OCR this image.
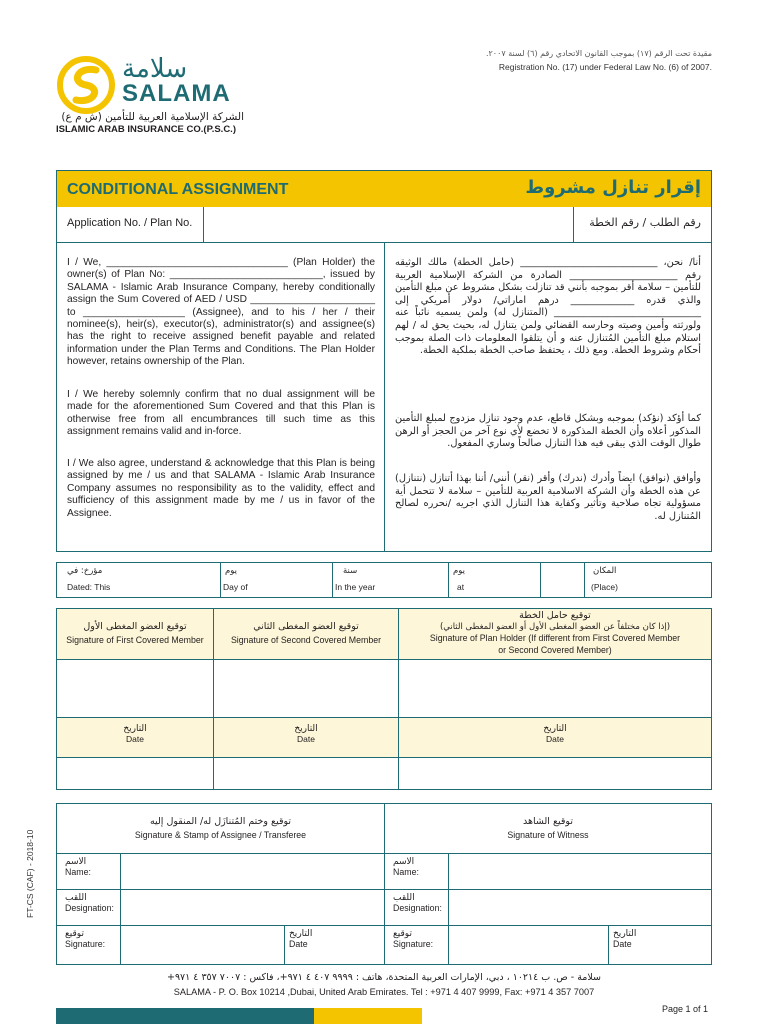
سلامة
SALAMA
الشركة الإسلامية العربية للتأمين (ش م ع)
ISLAMIC ARAB INSURANCE CO.(P.S.C.)
مقيدة تحت الرقم (١٧) بموجب القانون الاتحادي رقم (٦) لسنة ٢٠٠٧.
Registration No. (17) under Federal Law No. (6) of 2007.
CONDITIONAL ASSIGNMENT	إقرار تنازل مشروط
Application No. / Plan No.	رقم الطلب / رقم الخطة
I / We, ________________________________ (Plan Holder) the owner(s) of Plan No: ___________________________, issued by SALAMA - Islamic Arab Insurance Company, hereby conditionally assign the Sum Covered of AED / USD ______________________ to __________________ (Assignee), and to his / her / their nominee(s), heir(s), executor(s), administrator(s) and assignee(s) has the right to receive assigned benefit payable and related information under the Plan Terms and Conditions. The Plan Holder however, retains ownership of the Plan.
I / We hereby solemnly confirm that no dual assignment will be made for the aforementioned Sum Covered and that this Plan is otherwise free from all encumbrances till such time as this assignment remains valid and in-force.
I / We also agree, understand & acknowledge that this Plan is being assigned by me / us and that SALAMA - Islamic Arab Insurance Company assumes no responsibility as to the validity, effect and sufficiency of this assignment made by me / us in favor of the Assignee.
أنا/ نحن، ____________________________ (حامل الخطة) مالك الوثيقه رقم ______________________ الصادرة من الشركة الإسلامية العربية للتأمين – سلامة أقر بموجبه بأنني قد تنازلت بشكل مشروط عن مبلغ التأمين والذي قدره _____________ درهم اماراتي/ دولار أمريكي إلى ______________________________ (المتنازل له) ولمن يسميه نائباً عنه ولورثته وأمين وصيته وحارسه القضائي ولمن يتنازل له، بحيث يحق له / لهم استلام مبلغ التأمين المُتنازل عنه و أن يتلقوا المعلومات ذات الصلة بموجب أحكام وشروط الخطة. ومع ذلك ، يحتفظ صاحب الخطة بملكية الخطة.
كما أؤكد (نؤكد) بموجبه وبشكل قاطع، عدم وجود تنازل مزدوج لمبلغ التأمين المذكور أعلاه وأن الخطة المذكورة لا تخضع لأي نوع آخر من الحجز أو الرهن طوال الوقت الذي يبقى فيه هذا التنازل صالحاً وساري المفعول.
وأوافق (نوافق) ايضاً وأدرك (ندرك) وأقر (نقر) أنني/ أننا بهذا أتنازل (نتنازل) عن هذه الخطة وأن الشركة الاسلامية العربية للتأمين – سلامة لا تتحمل أية مسؤولية تجاه صلاحية وتأثير وكفاية هذا التنازل الذي اجريه /نحرره لصالح المُتنازل له.
مؤرخ: في
Dated: This
يوم
Day of
سنة
In the year
يوم
at
المكان
(Place)
توقيع العضو المغطى الأول
Signature of First Covered Member
توقيع العضو المغطى الثاني
Signature of Second Covered Member
توقيع حامل الخطة
(إذا كان مختلفاً عن العضو المغطى الأول أو العضو المغطى الثاني)
Signature of Plan Holder (If different from First Covered Member
or Second Covered Member)
التاريخ
Date
التاريخ
Date
التاريخ
Date
توقيع وختم المُتنازَل له/ المنقول إليه
Signature & Stamp of Assignee / Transferee
توقيع الشاهد
Signature of Witness
الاسم
Name:
الاسم
Name:
اللقب
Designation:
اللقب
Designation:
توقيع
Signature:
التاريخ
Date
توقيع
Signature:
التاريخ
Date
FT-CS (CAF) - 2018-10
سلامة - ص. ب ١٠٢١٤ ، دبي، الإمارات العربية المتحدة، هاتف : ٩٩٩٩ ٤٠٧ ٤ ٩٧١+، فاكس : ٧٠٠٧ ٣٥٧ ٤ ٩٧١+
SALAMA - P. O. Box 10214 ,Dubai, United Arab Emirates. Tel : +971 4 407 9999, Fax: +971 4 357 7007
Page 1 of 1
